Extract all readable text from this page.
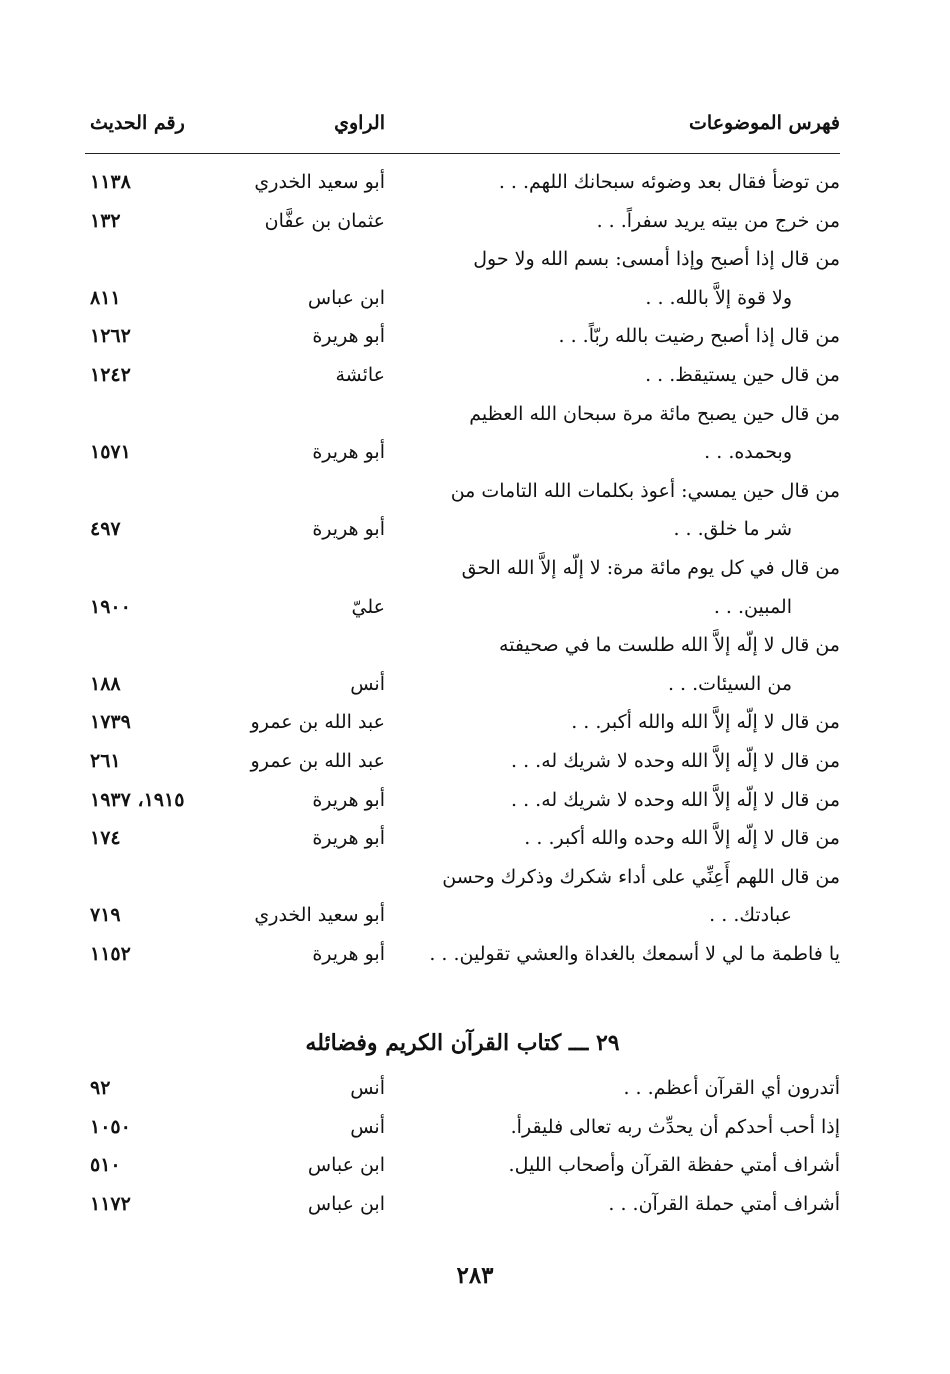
فهرس الموضوعات
الراوي
رقم الحديث
من توضأ فقال بعد وضوئه سبحانك اللهم. . .
أبو سعيد الخدري
١١٣٨
من خرج من بيته يريد سفراً. . .
عثمان بن عفَّان
١٣٢
من قال إذا أصبح وإذا أمسى: بسم الله ولا حول
ولا قوة إلاَّ بالله. . .
ابن عباس
٨١١
من قال إذا أصبح رضيت بالله ربّاً. . .
أبو هريرة
١٢٦٢
من قال حين يستيقظ. . .
عائشة
١٢٤٢
من قال حين يصبح مائة مرة سبحان الله العظيم
وبحمده. . .
أبو هريرة
١٥٧١
من قال حين يمسي: أعوذ بكلمات الله التامات من
شر ما خلق. . .
أبو هريرة
٤٩٧
من قال في كل يوم مائة مرة: لا إلّه إلاَّ الله الحق
المبين. . .
عليّ
١٩٠٠
من قال لا إلّه إلاَّ الله طلست ما في صحيفته
من السيئات. . .
أنس
١٨٨
من قال لا إلّه إلاَّ الله والله أكبر. . .
عبد الله بن عمرو
١٧٣٩
من قال لا إلّه إلاَّ الله وحده لا شريك له. . .
عبد الله بن عمرو
٢٦١
من قال لا إلّه إلاَّ الله وحده لا شريك له. . .
أبو هريرة
١٩١٥، ١٩٣٧
من قال لا إلّه إلاَّ الله وحده والله أكبر. . .
أبو هريرة
١٧٤
من قال اللهم أَعِنِّي على أداء شكرك وذكرك وحسن
عبادتك. . .
أبو سعيد الخدري
٧١٩
يا فاطمة ما لي لا أسمعك بالغداة والعشي تقولين. . .
أبو هريرة
١١٥٢
٢٩ ـــ كتاب القرآن الكريم وفضائله
أتدرون أي القرآن أعظم. . .
أنس
٩٢
إذا أحب أحدكم أن يحدِّث ربه تعالى فليقرأ.
أنس
١٠٥٠
أشراف أمتي حفظة القرآن وأصحاب الليل.
ابن عباس
٥١٠
أشراف أمتي حملة القرآن. . .
ابن عباس
١١٧٢
٢٨٣
